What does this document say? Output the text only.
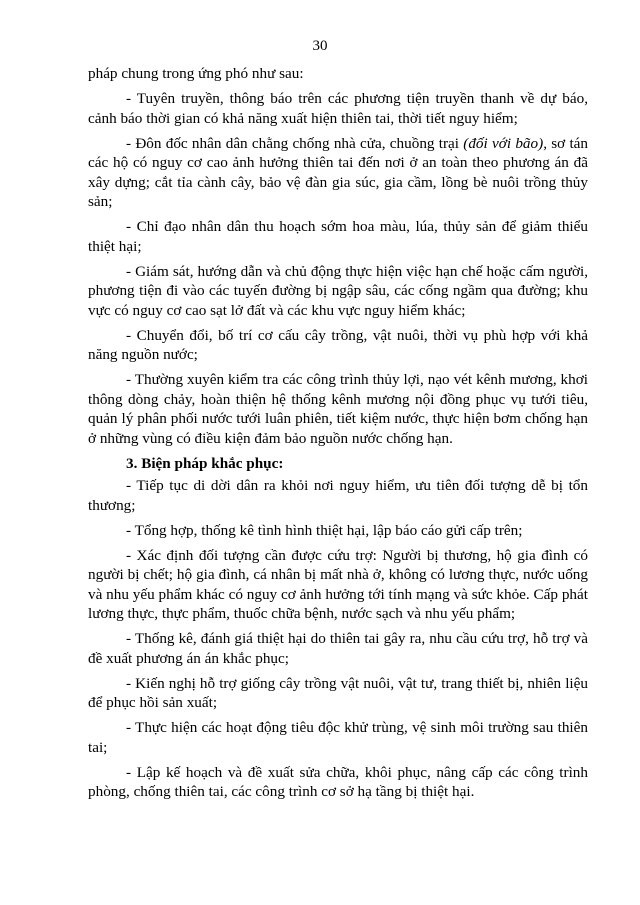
30

pháp chung trong ứng phó như sau:

- Tuyên truyền, thông báo trên các phương tiện truyền thanh về dự báo, cảnh báo thời gian có khả năng xuất hiện thiên tai, thời tiết nguy hiểm;

- Đôn đốc nhân dân chằng chống nhà cửa, chuồng trại (đối với bão), sơ tán các hộ có nguy cơ cao ảnh hưởng thiên tai đến nơi ở an toàn theo phương án đã xây dựng; cắt tỉa cành cây, bảo vệ đàn gia súc, gia cầm, lồng bè nuôi trồng thủy sản;

- Chỉ đạo nhân dân thu hoạch sớm hoa màu, lúa, thủy sản để giảm thiểu thiệt hại;

- Giám sát, hướng dẫn và chủ động thực hiện việc hạn chế hoặc cấm người, phương tiện đi vào các tuyến đường bị ngập sâu, các cống ngầm qua đường; khu vực có nguy cơ cao sạt lở đất và các khu vực nguy hiểm khác;

- Chuyển đổi, bố trí cơ cấu cây trồng, vật nuôi, thời vụ phù hợp với khả năng nguồn nước;

- Thường xuyên kiểm tra các công trình thủy lợi, nạo vét kênh mương, khơi thông dòng chảy, hoàn thiện hệ thống kênh mương nội đồng phục vụ tưới tiêu, quản lý phân phối nước tưới luân phiên, tiết kiệm nước, thực hiện bơm chống hạn ở những vùng có điều kiện đảm bảo nguồn nước chống hạn.

3. Biện pháp khắc phục:

- Tiếp tục di dời dân ra khỏi nơi nguy hiểm, ưu tiên đối tượng dễ bị tổn thương;

- Tổng hợp, thống kê tình hình thiệt hại, lập báo cáo gửi cấp trên;

- Xác định đối tượng cần được cứu trợ: Người bị thương, hộ gia đình có người bị chết; hộ gia đình, cá nhân bị mất nhà ở, không có lương thực, nước uống và nhu yếu phẩm khác có nguy cơ ảnh hưởng tới tính mạng và sức khỏe. Cấp phát lương thực, thực phẩm, thuốc chữa bệnh, nước sạch và nhu yếu phẩm;

- Thống kê, đánh giá thiệt hại do thiên tai gây ra, nhu cầu cứu trợ, hỗ trợ và đề xuất phương án án khắc phục;

- Kiến nghị hỗ trợ giống cây trồng vật nuôi, vật tư, trang thiết bị, nhiên liệu để phục hồi sản xuất;

- Thực hiện các hoạt động tiêu độc khử trùng, vệ sinh môi trường sau thiên tai;

- Lập kế hoạch và đề xuất sửa chữa, khôi phục, nâng cấp các công trình phòng, chống thiên tai, các công trình cơ sở hạ tầng bị thiệt hại.
